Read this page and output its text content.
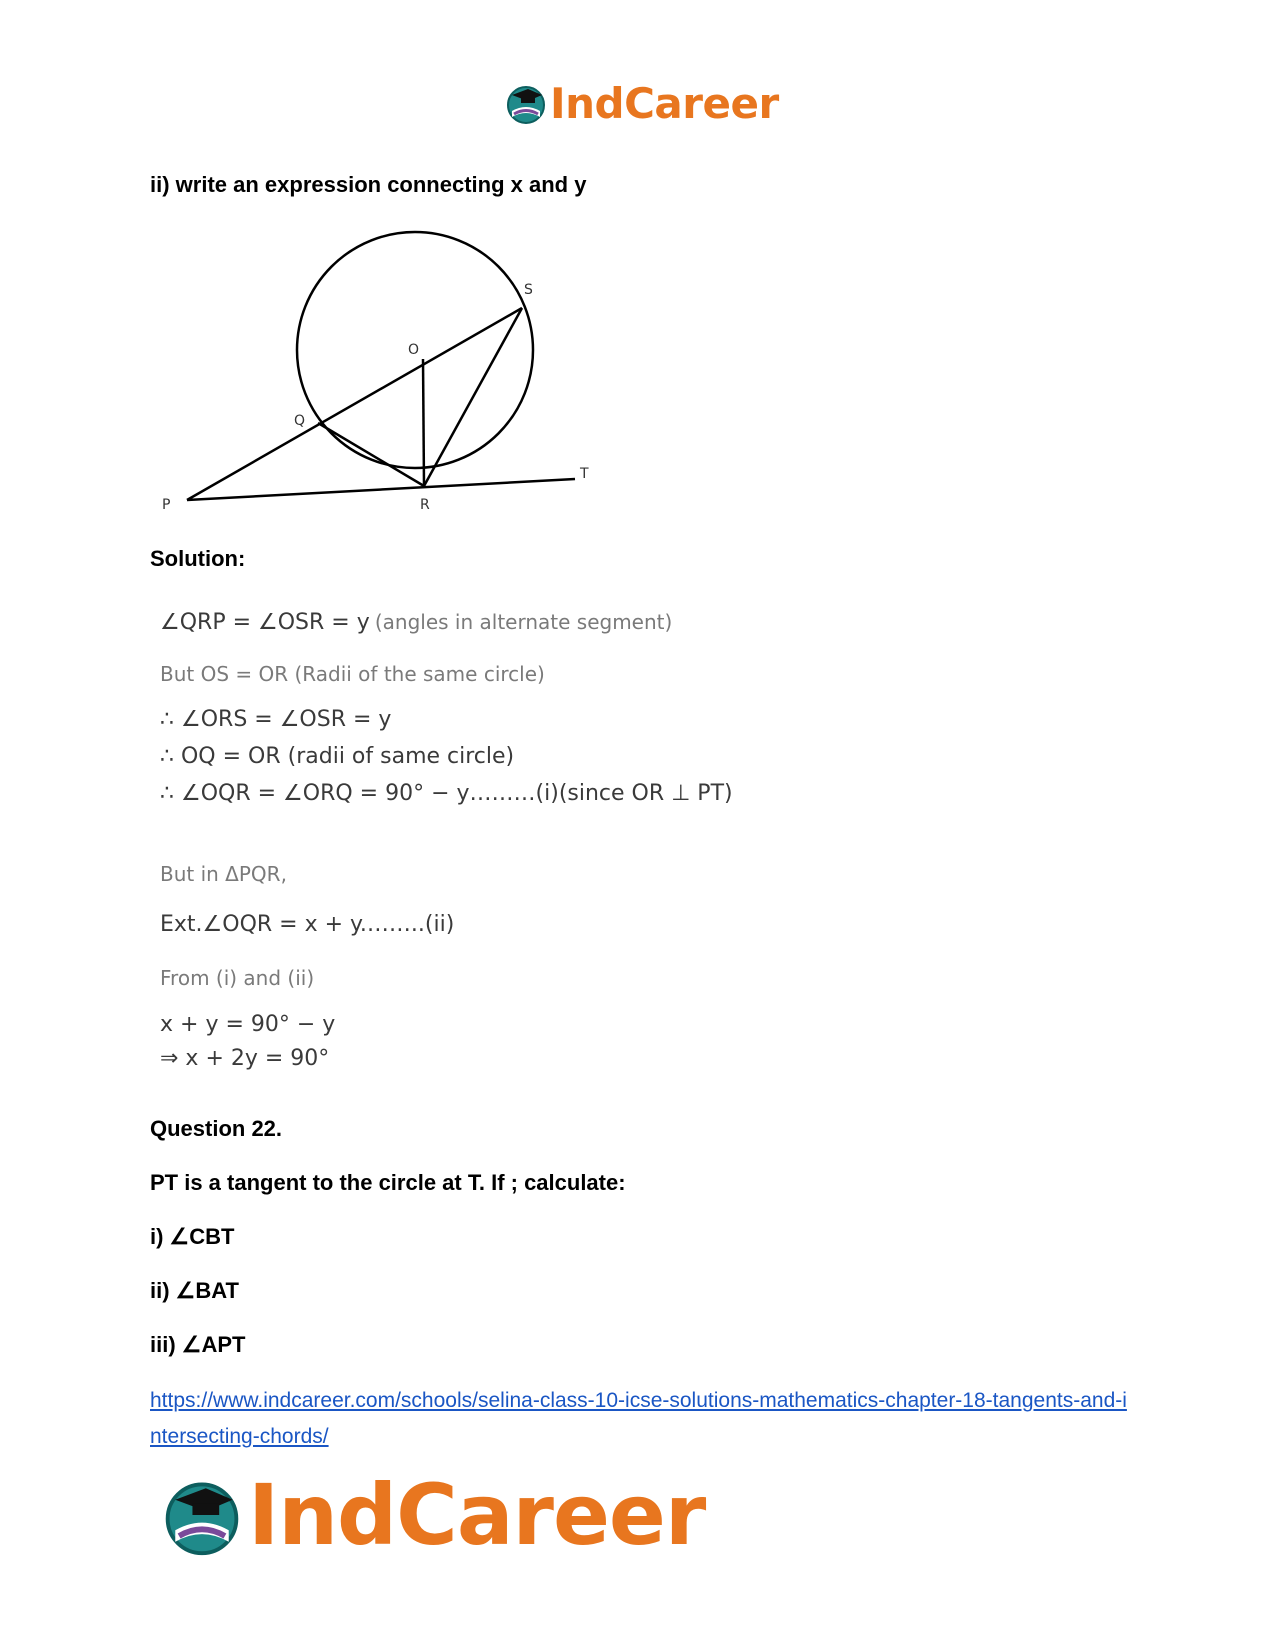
IndCareer
ii) write an expression connecting x and y
P
Q
R
S
T
O
Solution:
∠QRP = ∠OSR = y (angles in alternate segment)
But OS = OR (Radii of the same circle)
∴ ∠ORS = ∠OSR = y
∴ OQ = OR (radii of same circle)
∴ ∠OQR = ∠ORQ = 90° − y………(i)(since OR ⊥ PT)
But in ΔPQR,
Ext.∠OQR = x + y.……..(ii)
From (i) and (ii)
x + y = 90° − y
⇒ x + 2y = 90°
Question 22.
PT is a tangent to the circle at T. If ; calculate:
i) ∠CBT
ii) ∠BAT
iii) ∠APT
https://www.indcareer.com/schools/selina-class-10-icse-solutions-mathematics-chapter-18-tangents-and-intersecting-chords/
IndCareer
